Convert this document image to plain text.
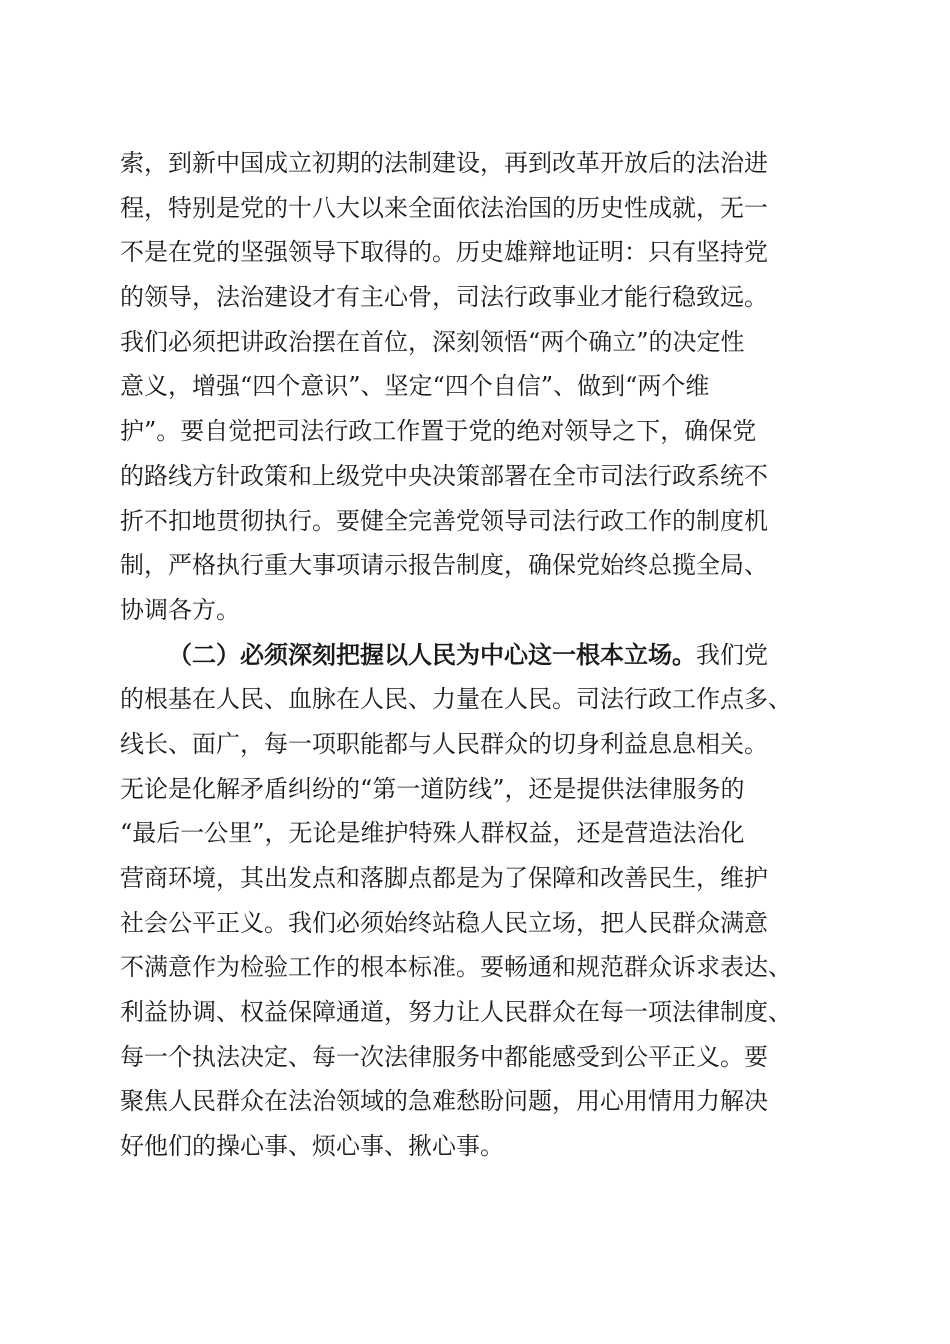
索，到新中国成立初期的法制建设，再到改革开放后的法治进
程，特别是党的十八大以来全面依法治国的历史性成就，无一
不是在党的坚强领导下取得的。历史雄辩地证明：只有坚持党
的领导，法治建设才有主心骨，司法行政事业才能行稳致远。
我们必须把讲政治摆在首位，深刻领悟“两个确立”的决定性
意义，增强“四个意识”、坚定“四个自信”、做到“两个维
护”。要自觉把司法行政工作置于党的绝对领导之下，确保党
的路线方针政策和上级党中央决策部署在全市司法行政系统不
折不扣地贯彻执行。要健全完善党领导司法行政工作的制度机
制，严格执行重大事项请示报告制度，确保党始终总揽全局、
协调各方。
（二）必须深刻把握以人民为中心这一根本立场。我们党
的根基在人民、血脉在人民、力量在人民。司法行政工作点多、
线长、面广，每一项职能都与人民群众的切身利益息息相关。
无论是化解矛盾纠纷的“第一道防线”，还是提供法律服务的
“最后一公里”，无论是维护特殊人群权益，还是营造法治化
营商环境，其出发点和落脚点都是为了保障和改善民生，维护
社会公平正义。我们必须始终站稳人民立场，把人民群众满意
不满意作为检验工作的根本标准。要畅通和规范群众诉求表达、
利益协调、权益保障通道，努力让人民群众在每一项法律制度、
每一个执法决定、每一次法律服务中都能感受到公平正义。要
聚焦人民群众在法治领域的急难愁盼问题，用心用情用力解决
好他们的操心事、烦心事、揪心事。
